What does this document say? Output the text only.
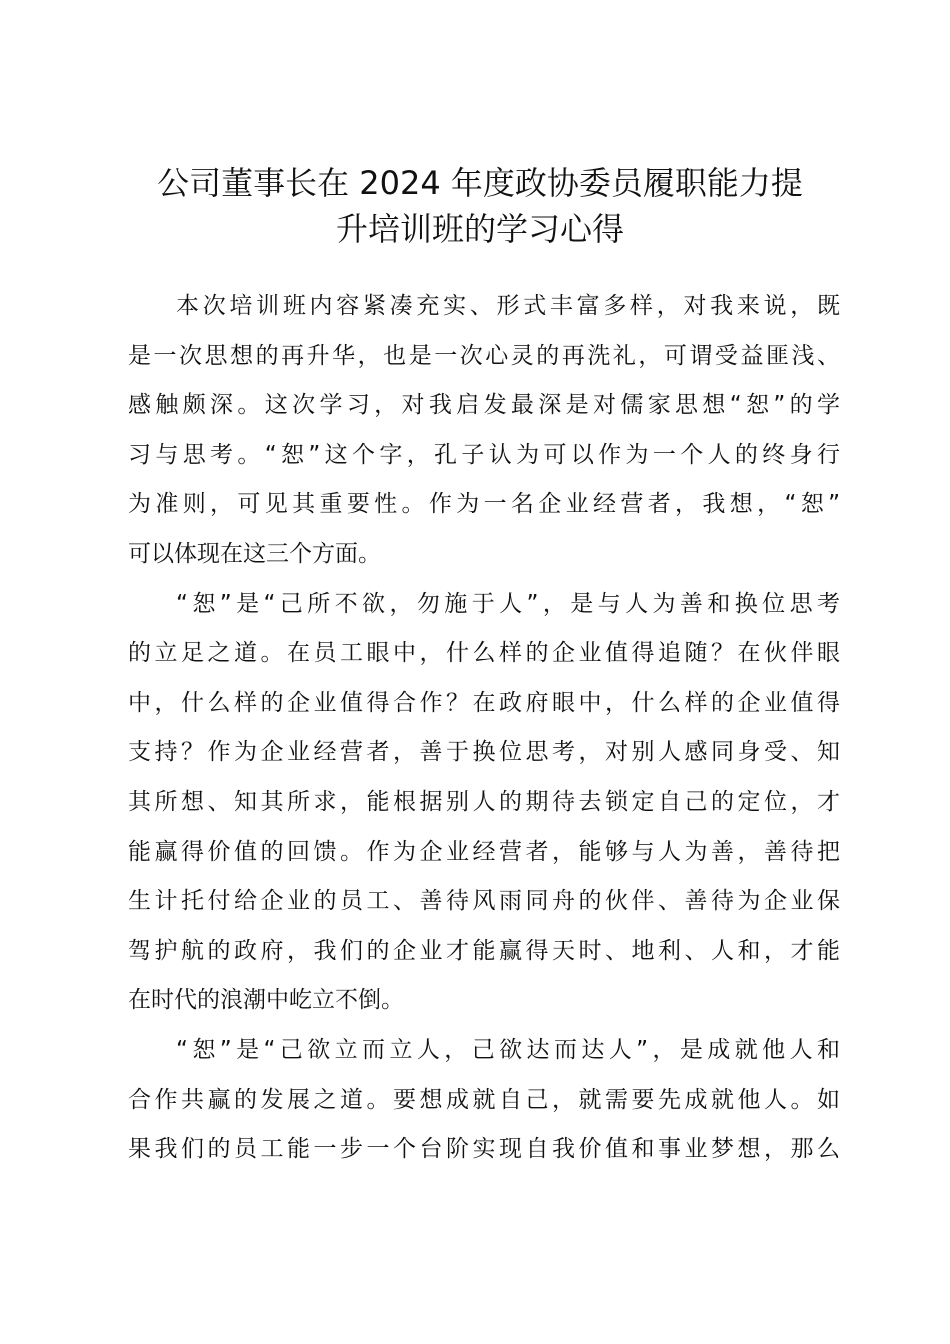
公司董事长在 2024 年度政协委员履职能力提
升培训班的学习心得
本次培训班内容紧凑充实、形式丰富多样，对我来说，既
是一次思想的再升华，也是一次心灵的再洗礼，可谓受益匪浅、
感触颇深。这次学习，对我启发最深是对儒家思想“恕”的学
习与思考。“恕”这个字，孔子认为可以作为一个人的终身行
为准则，可见其重要性。作为一名企业经营者，我想，“恕”
可以体现在这三个方面。
“恕”是“己所不欲，勿施于人”，是与人为善和换位思考
的立足之道。在员工眼中，什么样的企业值得追随？在伙伴眼
中，什么样的企业值得合作？在政府眼中，什么样的企业值得
支持？作为企业经营者，善于换位思考，对别人感同身受、知
其所想、知其所求，能根据别人的期待去锁定自己的定位，才
能赢得价值的回馈。作为企业经营者，能够与人为善，善待把
生计托付给企业的员工、善待风雨同舟的伙伴、善待为企业保
驾护航的政府，我们的企业才能赢得天时、地利、人和，才能
在时代的浪潮中屹立不倒。
“恕”是“己欲立而立人，己欲达而达人”，是成就他人和
合作共赢的发展之道。要想成就自己，就需要先成就他人。如
果我们的员工能一步一个台阶实现自我价值和事业梦想，那么
